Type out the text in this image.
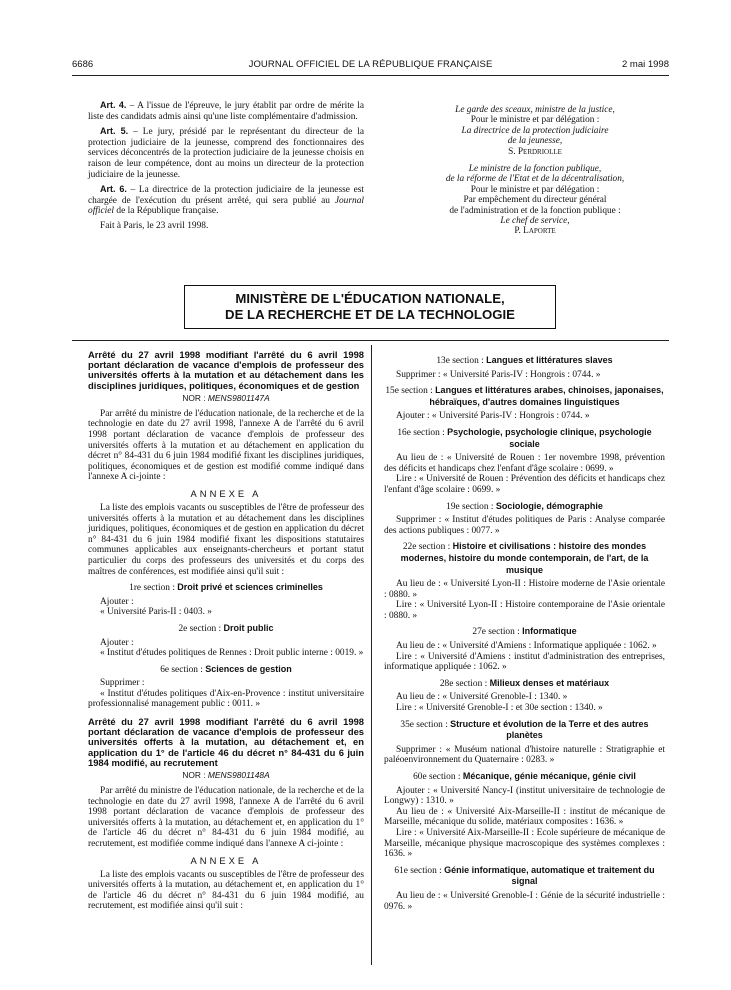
6686	JOURNAL OFFICIEL DE LA RÉPUBLIQUE FRANÇAISE	2 mai 1998

Art. 4. – A l'issue de l'épreuve, le jury établit par ordre de mérite la liste des candidats admis ainsi qu'une liste complémentaire d'admission.

Art. 5. – Le jury, présidé par le représentant du directeur de la protection judiciaire de la jeunesse, comprend des fonctionnaires des services déconcentrés de la protection judiciaire de la jeunesse choisis en raison de leur compétence, dont au moins un directeur de la protection judiciaire de la jeunesse.

Art. 6. – La directrice de la protection judiciaire de la jeunesse est chargée de l'exécution du présent arrêté, qui sera publié au Journal officiel de la République française.

Fait à Paris, le 23 avril 1998.

Le garde des sceaux, ministre de la justice,

Pour le ministre et par délégation :

La directrice de la protection judiciaire

de la jeunesse,

S. Perdriolle

Le ministre de la fonction publique,

de la réforme de l'Etat et de la décentralisation,

Pour le ministre et par délégation :

Par empêchement du directeur général

de l'administration et de la fonction publique :

Le chef de service,

P. Laporte

MINISTÈRE DE L'ÉDUCATION NATIONALE,
DE LA RECHERCHE ET DE LA TECHNOLOGIE

Arrêté du 27 avril 1998 modifiant l'arrêté du 6 avril 1998 portant déclaration de vacance d'emplois de professeur des universités offerts à la mutation et au détachement dans les disciplines juridiques, politiques, économiques et de gestion

NOR : MENS9801147A

Par arrêté du ministre de l'éducation nationale, de la recherche et de la technologie en date du 27 avril 1998, l'annexe A de l'arrêté du 6 avril 1998 portant déclaration de vacance d'emplois de professeur des universités offerts à la mutation et au détachement en application du décret n° 84-431 du 6 juin 1984 modifié fixant les disciplines juridiques, politiques, économiques et de gestion est modifié comme indiqué dans l'annexe A ci-jointe :

ANNEXE A

La liste des emplois vacants ou susceptibles de l'être de professeur des universités offerts à la mutation et au détachement dans les disciplines juridiques, politiques, économiques et de gestion en application du décret n° 84-431 du 6 juin 1984 modifié fixant les dispositions statutaires communes applicables aux enseignants-chercheurs et portant statut particulier du corps des professeurs des universités et du corps des maîtres de conférences, est modifiée ainsi qu'il suit :

1re section : Droit privé et sciences criminelles

Ajouter :

« Université Paris-II : 0403. »

2e section : Droit public

Ajouter :

« Institut d'études politiques de Rennes : Droit public interne : 0019. »

6e section : Sciences de gestion

Supprimer :

« Institut d'études politiques d'Aix-en-Provence : institut universitaire professionnalisé management public : 0011. »

Arrêté du 27 avril 1998 modifiant l'arrêté du 6 avril 1998 portant déclaration de vacance d'emplois de professeur des universités offerts à la mutation, au détachement et, en application du 1° de l'article 46 du décret n° 84-431 du 6 juin 1984 modifié, au recrutement

NOR : MENS9801148A

Par arrêté du ministre de l'éducation nationale, de la recherche et de la technologie en date du 27 avril 1998, l'annexe A de l'arrêté du 6 avril 1998 portant déclaration de vacance d'emplois de professeur des universités offerts à la mutation, au détachement et, en application du 1° de l'article 46 du décret n° 84-431 du 6 juin 1984 modifié, au recrutement, est modifiée comme indiqué dans l'annexe A ci-jointe :

ANNEXE A

La liste des emplois vacants ou susceptibles de l'être de professeur des universités offerts à la mutation, au détachement et, en application du 1° de l'article 46 du décret n° 84-431 du 6 juin 1984 modifié, au recrutement, est modifiée ainsi qu'il suit :

13e section : Langues et littératures slaves

Supprimer : « Université Paris-IV : Hongrois : 0744. »

15e section : Langues et littératures arabes, chinoises, japonaises, hébraïques, d'autres domaines linguistiques

Ajouter : « Université Paris-IV : Hongrois : 0744. »

16e section : Psychologie, psychologie clinique, psychologie sociale

Au lieu de : « Université de Rouen : 1er novembre 1998, prévention des déficits et handicaps chez l'enfant d'âge scolaire : 0699. »

Lire : « Université de Rouen : Prévention des déficits et handicaps chez l'enfant d'âge scolaire : 0699. »

19e section : Sociologie, démographie

Supprimer : « Institut d'études politiques de Paris : Analyse comparée des actions publiques : 0077. »

22e section : Histoire et civilisations : histoire des mondes modernes, histoire du monde contemporain, de l'art, de la musique

Au lieu de : « Université Lyon-II : Histoire moderne de l'Asie orientale : 0880. »

Lire : « Université Lyon-II : Histoire contemporaine de l'Asie orientale : 0880. »

27e section : Informatique

Au lieu de : « Université d'Amiens : Informatique appliquée : 1062. »

Lire : « Université d'Amiens : institut d'administration des entreprises, informatique appliquée : 1062. »

28e section : Milieux denses et matériaux

Au lieu de : « Université Grenoble-I : 1340. »

Lire : « Université Grenoble-I : et 30e section : 1340. »

35e section : Structure et évolution de la Terre et des autres planètes

Supprimer : « Muséum national d'histoire naturelle : Stratigraphie et paléoenvironnement du Quaternaire : 0283. »

60e section : Mécanique, génie mécanique, génie civil

Ajouter : « Université Nancy-I (institut universitaire de technologie de Longwy) : 1310. »

Au lieu de : « Université Aix-Marseille-II : institut de mécanique de Marseille, mécanique du solide, matériaux composites : 1636. »

Lire : « Université Aix-Marseille-II : Ecole supérieure de mécanique de Marseille, mécanique physique macroscopique des systèmes complexes : 1636. »

61e section : Génie informatique, automatique et traitement du signal

Au lieu de : « Université Grenoble-I : Génie de la sécurité industrielle : 0976. »
